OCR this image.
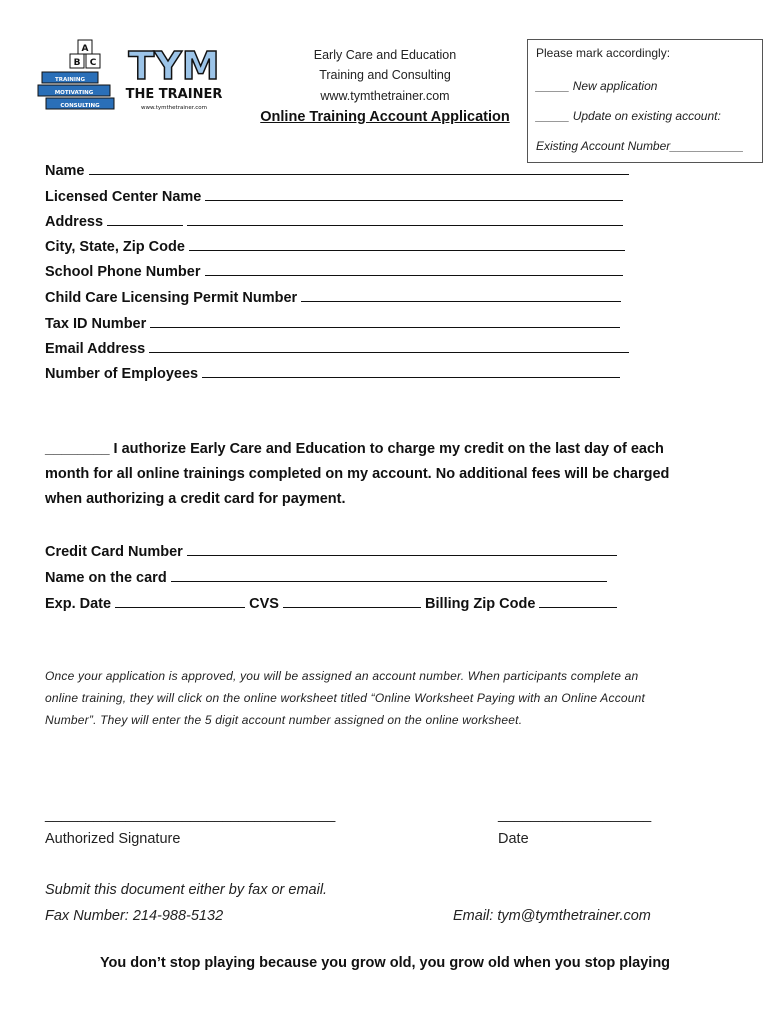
TRAINING
MOTIVATING
CONSULTING
A
B C TYM
THE TRAINER
www.tymthetrainer.com
Early Care and Education
Training and Consulting
www.tymthetrainer.com
Online Training Account Application
Please mark accordingly:
_____ New application
_____ Update on existing account:
Existing Account Number___________
Name
Licensed Center Name
Address
City, State, Zip Code
School Phone Number
Child Care Licensing Permit Number
Tax ID Number
Email Address
Number of Employees
________ I authorize Early Care and Education to charge my credit on the last day of each
month for all online trainings completed on my account. No additional fees will be charged
when authorizing a credit card for payment.
Credit Card Number
Name on the card
Exp. Date	CVS	Billing Zip Code
Once your application is approved, you will be assigned an account number. When participants complete an
online training, they will click on the online worksheet titled “Online Worksheet Paying with an Online Account
Number”. They will enter the 5 digit account number assigned on the online worksheet.
____________________________________	___________________
Authorized Signature	Date
Submit this document either by fax or email.
Fax Number: 214-988-5132	Email: tym@tymthetrainer.com
You don’t stop playing because you grow old, you grow old when you stop playing
